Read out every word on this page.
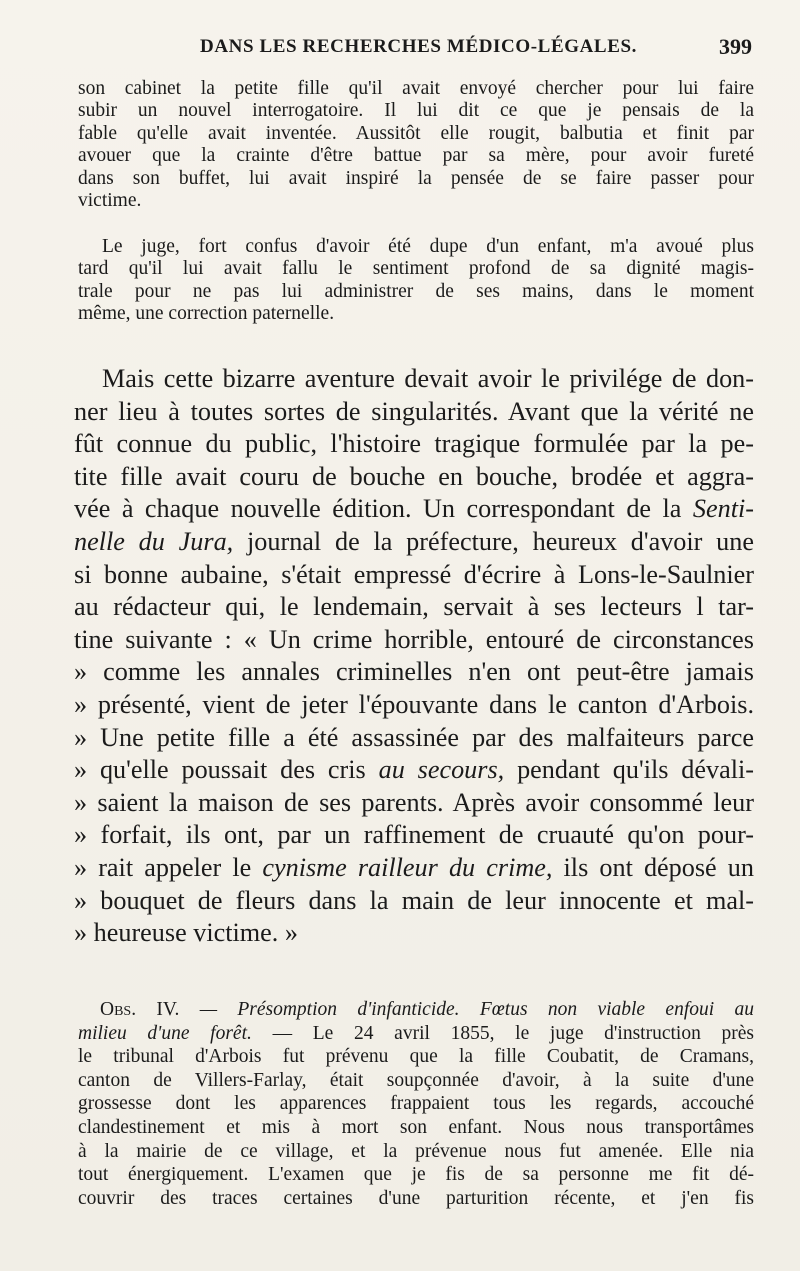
DANS LES RECHERCHES MÉDICO-LÉGALES.	399
son cabinet la petite fille qu'il avait envoyé chercher pour lui faire
subir un nouvel interrogatoire. Il lui dit ce que je pensais de la
fable qu'elle avait inventée. Aussitôt elle rougit, balbutia et finit par
avouer que la crainte d'être battue par sa mère, pour avoir fureté
dans son buffet, lui avait inspiré la pensée de se faire passer pour
victime.
Le juge, fort confus d'avoir été dupe d'un enfant, m'a avoué plus
tard qu'il lui avait fallu le sentiment profond de sa dignité magis-
trale pour ne pas lui administrer de ses mains, dans le moment
même, une correction paternelle.
Mais cette bizarre aventure devait avoir le privilége de don-
ner lieu à toutes sortes de singularités. Avant que la vérité ne
fût connue du public, l'histoire tragique formulée par la pe-
tite fille avait couru de bouche en bouche, brodée et aggra-
vée à chaque nouvelle édition. Un correspondant de la Senti-
nelle du Jura, journal de la préfecture, heureux d'avoir une
si bonne aubaine, s'était empressé d'écrire à Lons-le-Saulnier
au rédacteur qui, le lendemain, servait à ses lecteurs l tar-
tine suivante : « Un crime horrible, entouré de circonstances
» comme les annales criminelles n'en ont peut-être jamais
» présenté, vient de jeter l'épouvante dans le canton d'Arbois.
» Une petite fille a été assassinée par des malfaiteurs parce
» qu'elle poussait des cris au secours, pendant qu'ils dévali-
» saient la maison de ses parents. Après avoir consommé leur
» forfait, ils ont, par un raffinement de cruauté qu'on pour-
» rait appeler le cynisme railleur du crime, ils ont déposé un
» bouquet de fleurs dans la main de leur innocente et mal-
» heureuse victime. »
Obs. IV. — Présomption d'infanticide. Fœtus non viable enfoui au
milieu d'une forêt. — Le 24 avril 1855, le juge d'instruction près
le tribunal d'Arbois fut prévenu que la fille Coubatit, de Cramans,
canton de Villers-Farlay, était soupçonnée d'avoir, à la suite d'une
grossesse dont les apparences frappaient tous les regards, accouché
clandestinement et mis à mort son enfant. Nous nous transportâmes
à la mairie de ce village, et la prévenue nous fut amenée. Elle nia
tout énergiquement. L'examen que je fis de sa personne me fit dé-
couvrir des traces certaines d'une parturition récente, et j'en fis
